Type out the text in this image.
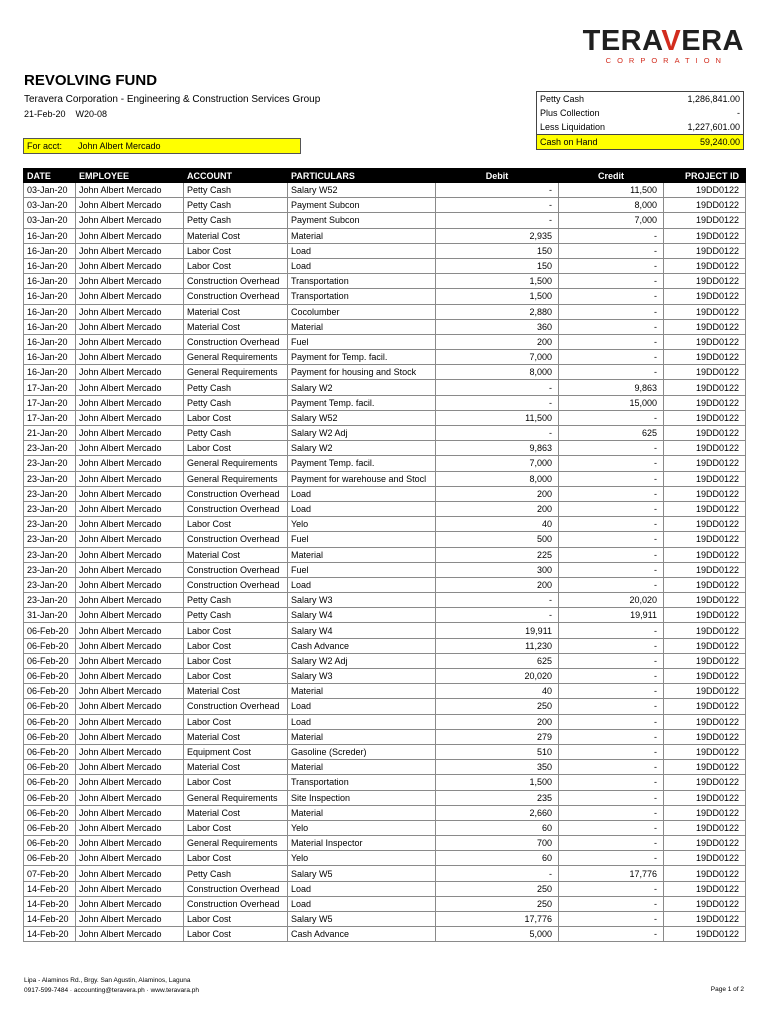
TERAVERA
CORPORATION
REVOLVING FUND
Teravera Corporation - Engineering & Construction Services Group
21-Feb-20 W20-08
For acct: John Albert Mercado
Petty Cash	1,286,841.00
Plus Collection	-
Less Liquidation	1,227,601.00
Cash on Hand	59,240.00
DATE	EMPLOYEE	ACCOUNT	PARTICULARS	Debit	Credit	PROJECT ID
03-Jan-20	John Albert Mercado	Petty Cash	Salary W52	-	11,500	19DD0122
03-Jan-20	John Albert Mercado	Petty Cash	Payment Subcon	-	8,000	19DD0122
03-Jan-20	John Albert Mercado	Petty Cash	Payment Subcon	-	7,000	19DD0122
16-Jan-20	John Albert Mercado	Material Cost	Material	2,935	-	19DD0122
16-Jan-20	John Albert Mercado	Labor Cost	Load	150	-	19DD0122
16-Jan-20	John Albert Mercado	Labor Cost	Load	150	-	19DD0122
16-Jan-20	John Albert Mercado	Construction Overhead	Transportation	1,500	-	19DD0122
16-Jan-20	John Albert Mercado	Construction Overhead	Transportation	1,500	-	19DD0122
16-Jan-20	John Albert Mercado	Material Cost	Cocolumber	2,880	-	19DD0122
16-Jan-20	John Albert Mercado	Material Cost	Material	360	-	19DD0122
16-Jan-20	John Albert Mercado	Construction Overhead	Fuel	200	-	19DD0122
16-Jan-20	John Albert Mercado	General Requirements	Payment for Temp. facil.	7,000	-	19DD0122
16-Jan-20	John Albert Mercado	General Requirements	Payment for housing and Stock	8,000	-	19DD0122
17-Jan-20	John Albert Mercado	Petty Cash	Salary W2	-	9,863	19DD0122
17-Jan-20	John Albert Mercado	Petty Cash	Payment Temp. facil.	-	15,000	19DD0122
17-Jan-20	John Albert Mercado	Labor Cost	Salary W52	11,500	-	19DD0122
21-Jan-20	John Albert Mercado	Petty Cash	Salary W2 Adj	-	625	19DD0122
23-Jan-20	John Albert Mercado	Labor Cost	Salary W2	9,863	-	19DD0122
23-Jan-20	John Albert Mercado	General Requirements	Payment Temp. facil.	7,000	-	19DD0122
23-Jan-20	John Albert Mercado	General Requirements	Payment for warehouse and Stocl	8,000	-	19DD0122
23-Jan-20	John Albert Mercado	Construction Overhead	Load	200	-	19DD0122
23-Jan-20	John Albert Mercado	Construction Overhead	Load	200	-	19DD0122
23-Jan-20	John Albert Mercado	Labor Cost	Yelo	40	-	19DD0122
23-Jan-20	John Albert Mercado	Construction Overhead	Fuel	500	-	19DD0122
23-Jan-20	John Albert Mercado	Material Cost	Material	225	-	19DD0122
23-Jan-20	John Albert Mercado	Construction Overhead	Fuel	300	-	19DD0122
23-Jan-20	John Albert Mercado	Construction Overhead	Load	200	-	19DD0122
23-Jan-20	John Albert Mercado	Petty Cash	Salary W3	-	20,020	19DD0122
31-Jan-20	John Albert Mercado	Petty Cash	Salary W4	-	19,911	19DD0122
06-Feb-20	John Albert Mercado	Labor Cost	Salary W4	19,911	-	19DD0122
06-Feb-20	John Albert Mercado	Labor Cost	Cash Advance	11,230	-	19DD0122
06-Feb-20	John Albert Mercado	Labor Cost	Salary W2 Adj	625	-	19DD0122
06-Feb-20	John Albert Mercado	Labor Cost	Salary W3	20,020	-	19DD0122
06-Feb-20	John Albert Mercado	Material Cost	Material	40	-	19DD0122
06-Feb-20	John Albert Mercado	Construction Overhead	Load	250	-	19DD0122
06-Feb-20	John Albert Mercado	Labor Cost	Load	200	-	19DD0122
06-Feb-20	John Albert Mercado	Material Cost	Material	279	-	19DD0122
06-Feb-20	John Albert Mercado	Equipment Cost	Gasoline (Screder)	510	-	19DD0122
06-Feb-20	John Albert Mercado	Material Cost	Material	350	-	19DD0122
06-Feb-20	John Albert Mercado	Labor Cost	Transportation	1,500	-	19DD0122
06-Feb-20	John Albert Mercado	General Requirements	Site Inspection	235	-	19DD0122
06-Feb-20	John Albert Mercado	Material Cost	Material	2,660	-	19DD0122
06-Feb-20	John Albert Mercado	Labor Cost	Yelo	60	-	19DD0122
06-Feb-20	John Albert Mercado	General Requirements	Material Inspector	700	-	19DD0122
06-Feb-20	John Albert Mercado	Labor Cost	Yelo	60	-	19DD0122
07-Feb-20	John Albert Mercado	Petty Cash	Salary W5	-	17,776	19DD0122
14-Feb-20	John Albert Mercado	Construction Overhead	Load	250	-	19DD0122
14-Feb-20	John Albert Mercado	Construction Overhead	Load	250	-	19DD0122
14-Feb-20	John Albert Mercado	Labor Cost	Salary W5	17,776	-	19DD0122
14-Feb-20	John Albert Mercado	Labor Cost	Cash Advance	5,000	-	19DD0122
Lipa - Alaminos Rd., Brgy. San Agustin, Alaminos, Laguna
0917-599-7484 · accounting@teravera.ph · www.teravara.ph	Page 1 of 2
